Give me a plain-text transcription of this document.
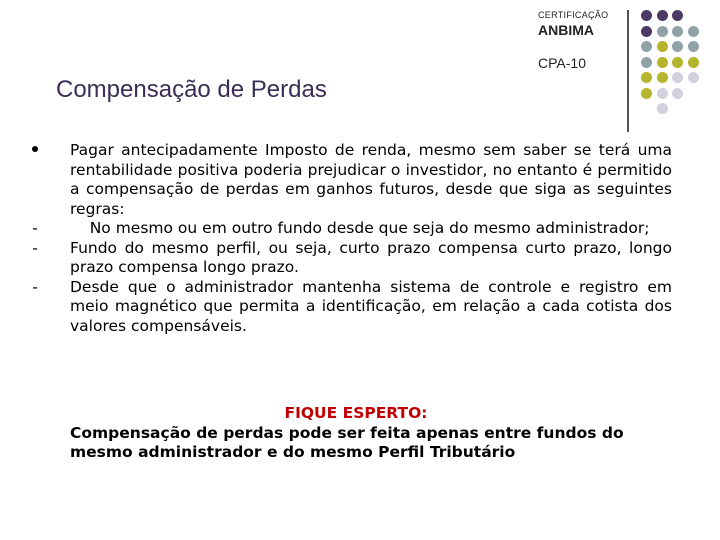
CERTIFICAÇÃO
ANBIMA
CPA-10
Compensação de Perdas
Pagar antecipadamente Imposto de renda, mesmo sem saber se terá uma rentabilidade positiva poderia prejudicar o investidor, no entanto é permitido a compensação de perdas em ganhos futuros, desde que siga as seguintes regras:
- No mesmo ou em outro fundo desde que seja do mesmo administrador;
- Fundo do mesmo perfil, ou seja, curto prazo compensa curto prazo, longo prazo compensa longo prazo.
- Desde que o administrador mantenha sistema de controle e registro em meio magnético que permita a identificação, em relação a cada cotista dos valores compensáveis.
FIQUE ESPERTO:
Compensação de perdas pode ser feita apenas entre fundos do mesmo administrador e do mesmo Perfil Tributário
